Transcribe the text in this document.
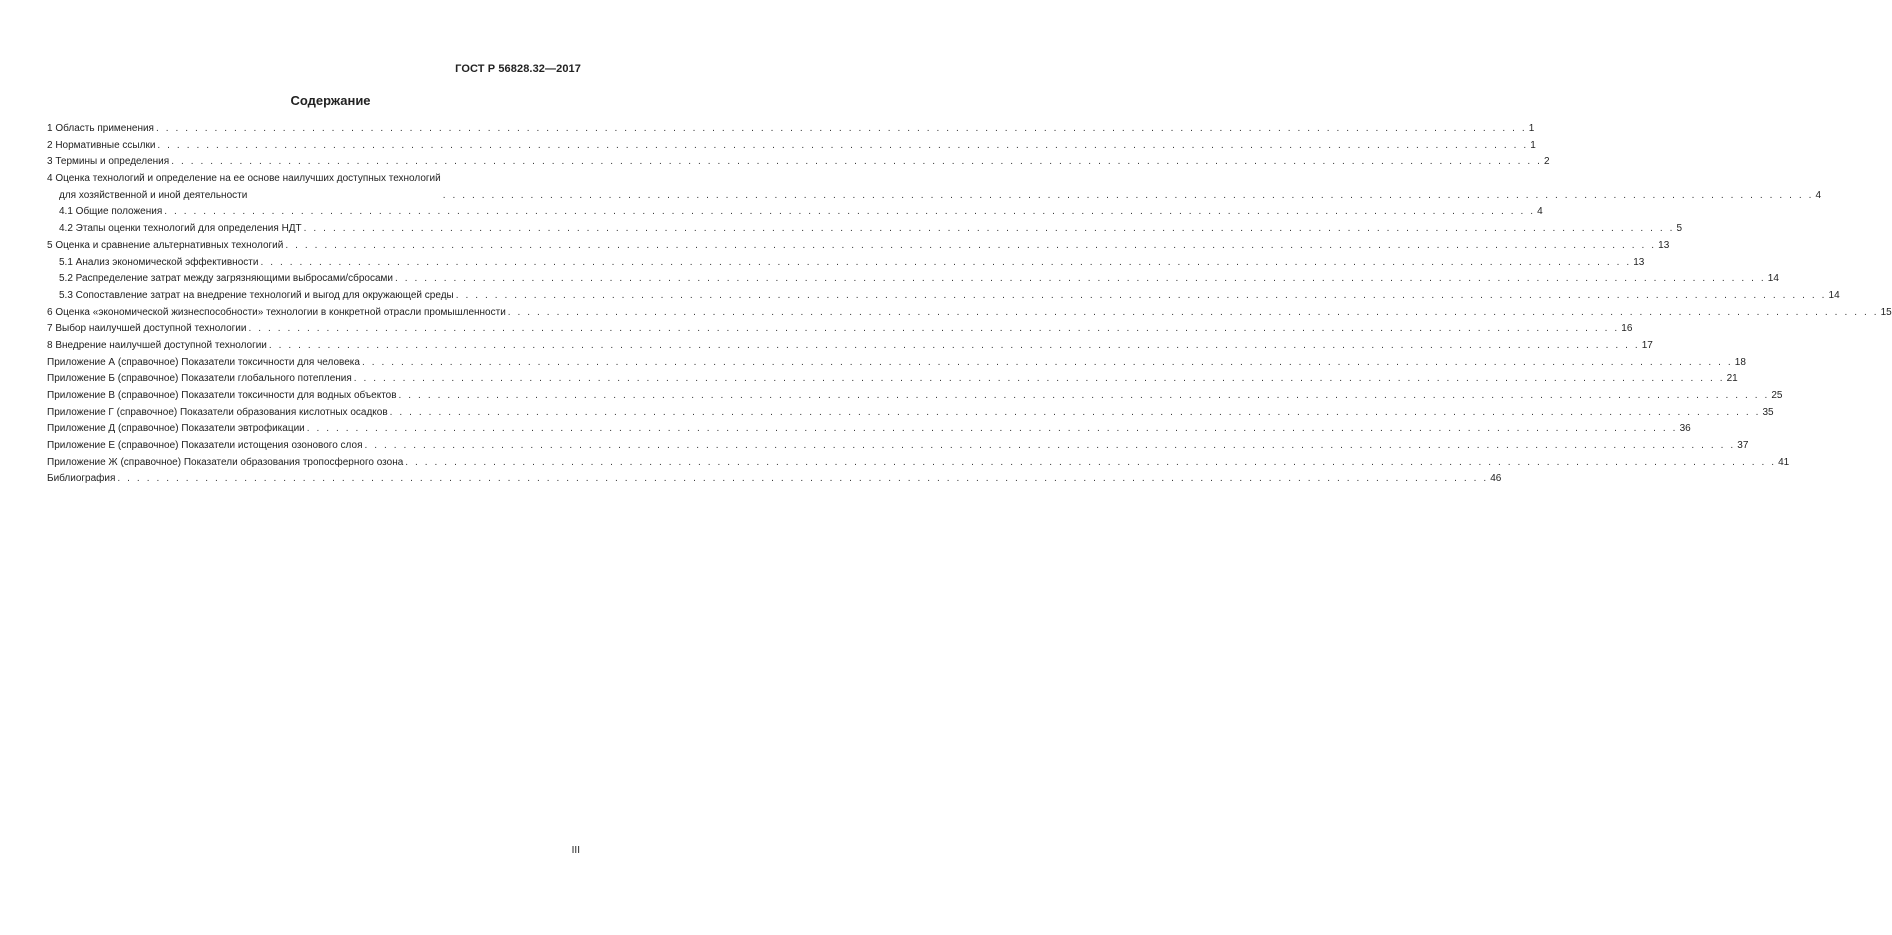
ГОСТ Р 56828.32—2017
Содержание
1 Область применения . . .	1
2 Нормативные ссылки . . .	1
3 Термины и определения . . .	2
4 Оценка технологий и определение на ее основе наилучших доступных технологий
для хозяйственной и иной деятельности . . .	4
4.1 Общие положения . . .	4
4.2 Этапы оценки технологий для определения НДТ . . .	5
5 Оценка и сравнение альтернативных технологий . . .	13
5.1 Анализ экономической эффективности . . .	13
5.2 Распределение затрат между загрязняющими выбросами/сбросами . . .	14
5.3 Сопоставление затрат на внедрение технологий и выгод для окружающей среды . . .	14
6 Оценка «экономической жизнеспособности» технологии в конкретной отрасли промышленности . . .	15
7 Выбор наилучшей доступной технологии . . .	16
8 Внедрение наилучшей доступной технологии . . .	17
Приложение А (справочное) Показатели токсичности для человека . . .	18
Приложение Б (справочное) Показатели глобального потепления . . .	21
Приложение В (справочное) Показатели токсичности для водных объектов . . .	25
Приложение Г (справочное) Показатели образования кислотных осадков . . .	35
Приложение Д (справочное) Показатели эвтрофикации . . .	36
Приложение Е (справочное) Показатели истощения озонового слоя . . .	37
Приложение Ж (справочное) Показатели образования тропосферного озона . . .	41
Библиография . . .	46
III
